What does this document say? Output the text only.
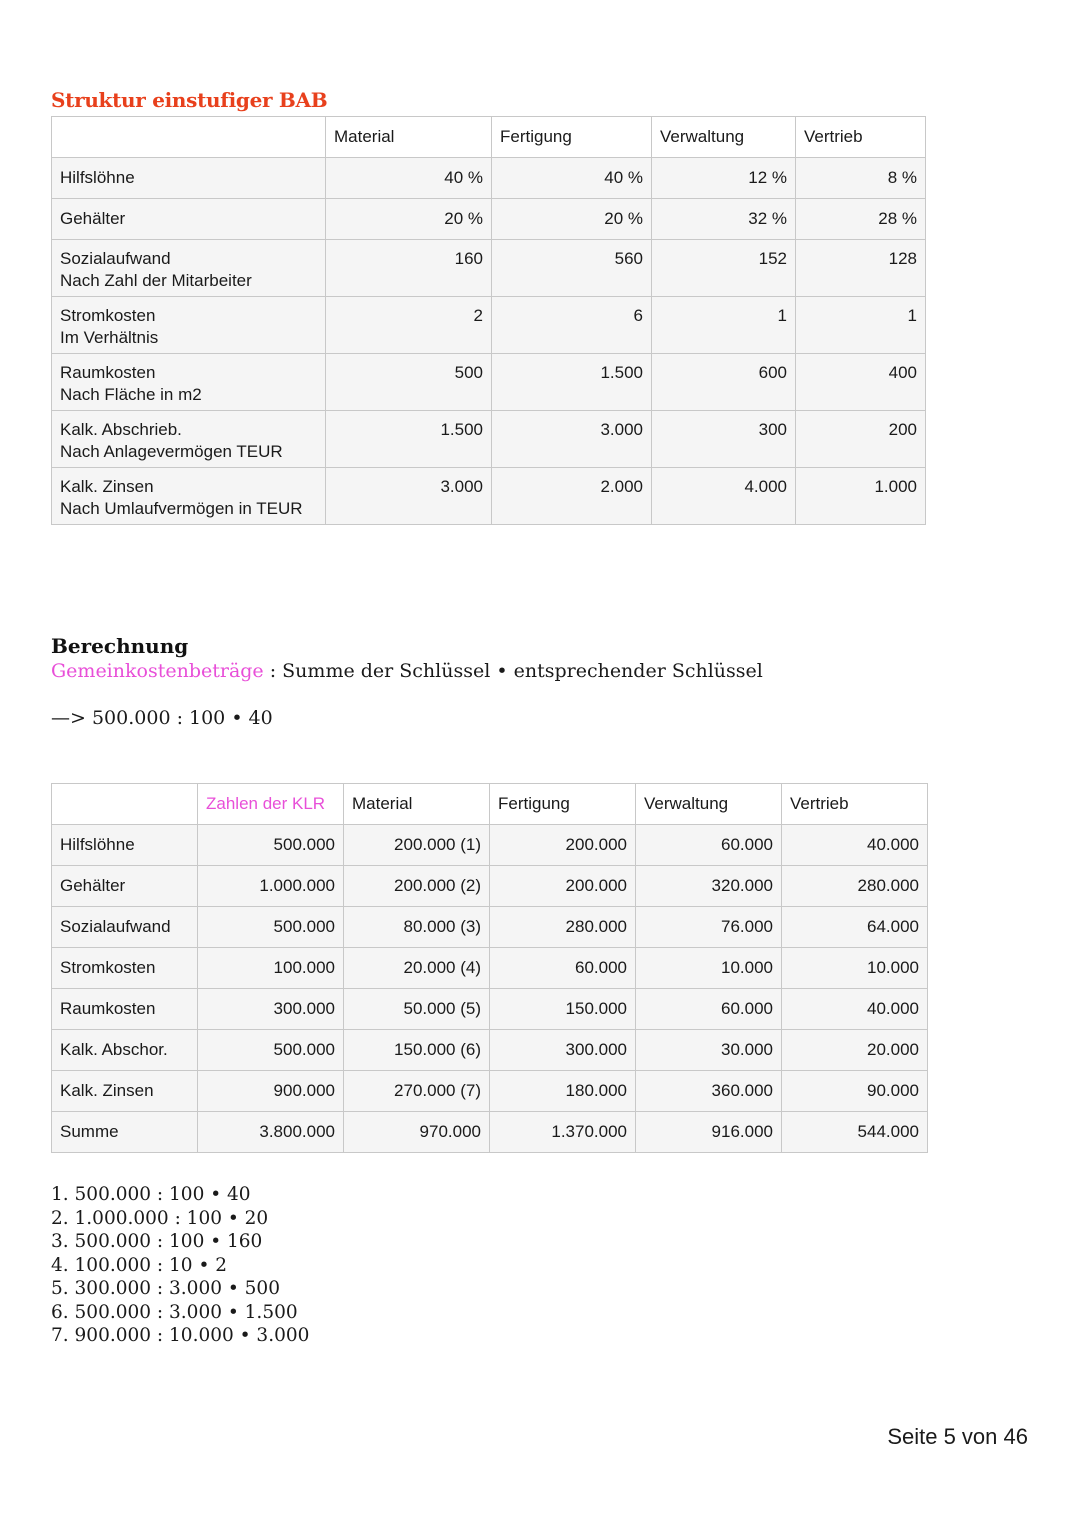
Struktur einstufiger BAB
	Material	Fertigung	Verwaltung	Vertrieb
Hilfslöhne	40 %	40 %	12 %	8 %
Gehälter	20 %	20 %	32 %	28 %
Sozialaufwand
Nach Zahl der Mitarbeiter	160	560	152	128
Stromkosten
Im Verhältnis	2	6	1	1
Raumkosten
Nach Fläche in m2	500	1.500	600	400
Kalk. Abschrieb.
Nach Anlagevermögen TEUR	1.500	3.000	300	200
Kalk. Zinsen
Nach Umlaufvermögen in TEUR	3.000	2.000	4.000	1.000
Berechnung
Gemeinkostenbeträge : Summe der Schlüssel • entsprechender Schlüssel
—> 500.000 : 100 • 40
	Zahlen der KLR	Material	Fertigung	Verwaltung	Vertrieb
Hilfslöhne	500.000	200.000 (1)	200.000	60.000	40.000
Gehälter	1.000.000	200.000 (2)	200.000	320.000	280.000
Sozialaufwand	500.000	80.000 (3)	280.000	76.000	64.000
Stromkosten	100.000	20.000 (4)	60.000	10.000	10.000
Raumkosten	300.000	50.000 (5)	150.000	60.000	40.000
Kalk. Abschor.	500.000	150.000 (6)	300.000	30.000	20.000
Kalk. Zinsen	900.000	270.000 (7)	180.000	360.000	90.000
Summe	3.800.000	970.000	1.370.000	916.000	544.000
1. 500.000 : 100 • 40
2. 1.000.000 : 100 • 20
3. 500.000 : 100 • 160
4. 100.000 : 10 • 2
5. 300.000 : 3.000 • 500
6. 500.000 : 3.000 • 1.500
7. 900.000 : 10.000 • 3.000
Seite 5 von 46
